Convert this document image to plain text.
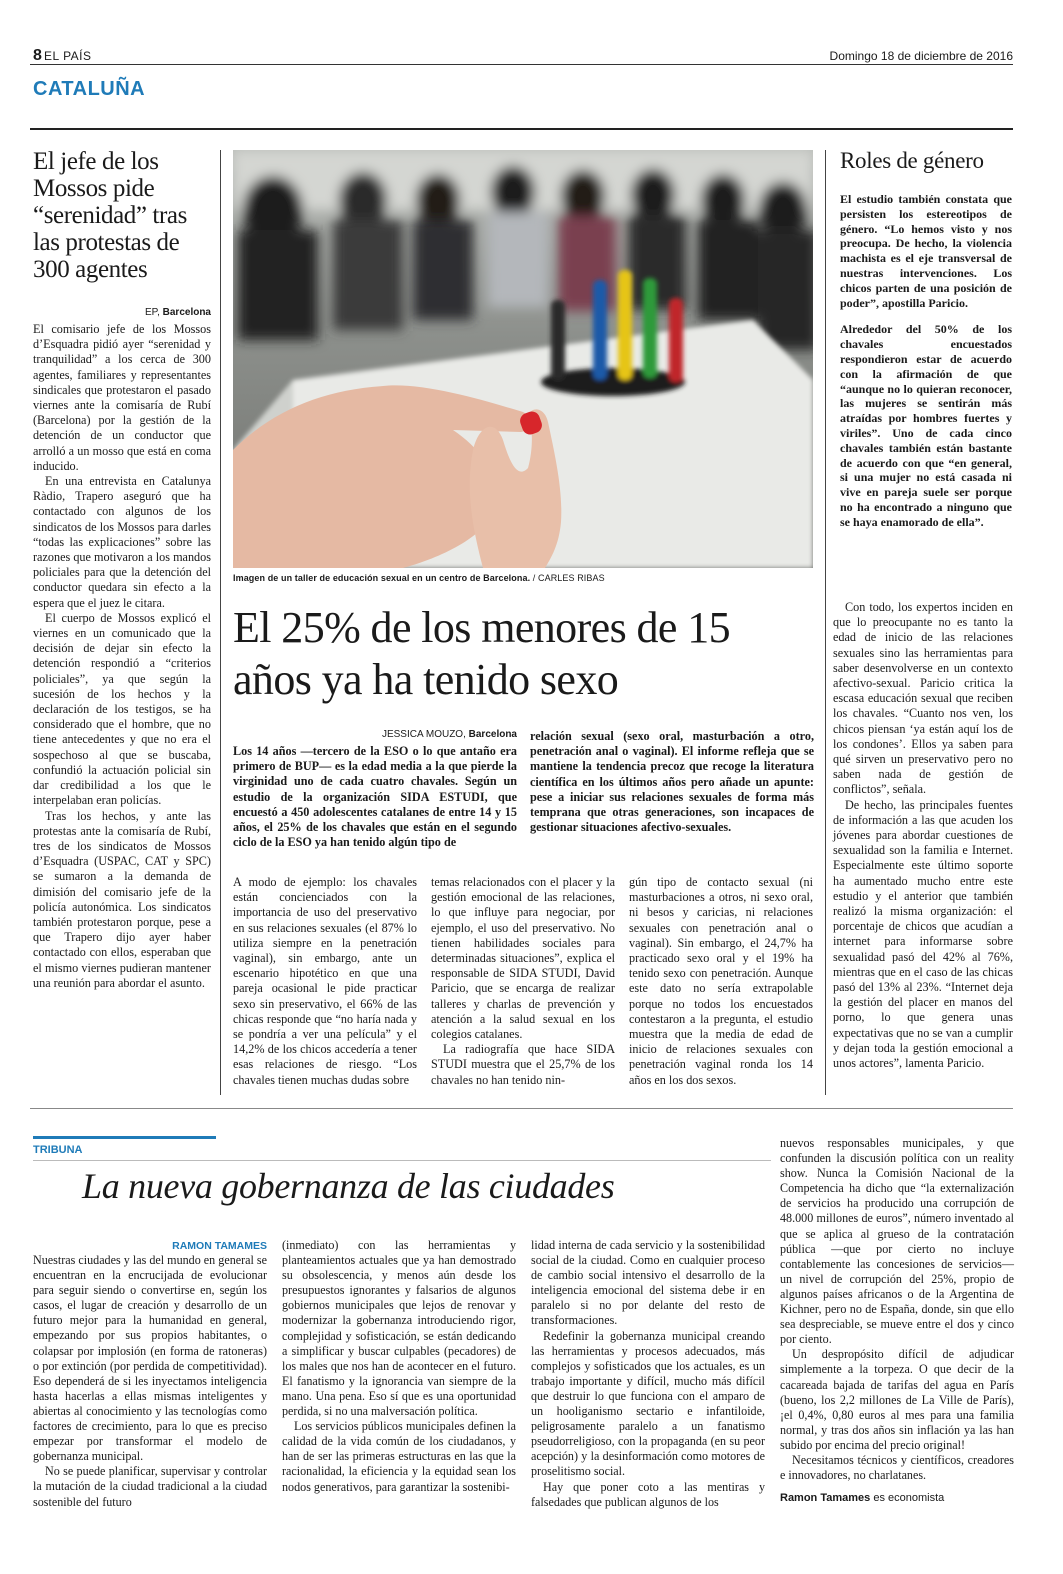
8 EL PAÍS	Domingo 18 de diciembre de 2016
CATALUÑA
El jefe de los Mossos pide “serenidad” tras las protestas de 300 agentes
EP, Barcelona

El comisario jefe de los Mossos d’Esquadra pidió ayer “serenidad y tranquilidad” a los cerca de 300 agentes, familiares y representantes sindicales que protestaron el pasado viernes ante la comisaría de Rubí (Barcelona) por la gestión de la detención de un conductor que arrolló a un mosso que está en coma inducido.

En una entrevista en Catalunya Ràdio, Trapero aseguró que ha contactado con algunos de los sindicatos de los Mossos para darles “todas las explicaciones” sobre las razones que motivaron a los mandos policiales para que la detención del conductor quedara sin efecto a la espera que el juez le citara.

El cuerpo de Mossos explicó el viernes en un comunicado que la decisión de dejar sin efecto la detención respondió a “criterios policiales”, ya que según la sucesión de los hechos y la declaración de los testigos, se ha considerado que el hombre, que no tiene antecedentes y que no era el sospechoso al que se buscaba, confundió la actuación policial sin dar credibilidad a los que le interpelaban eran policías.

Tras los hechos, y ante las protestas ante la comisaría de Rubí, tres de los sindicatos de Mossos d’Esquadra (USPAC, CAT y SPC) se sumaron a la demanda de dimisión del comisario jefe de la policía autonómica. Los sindicatos también protestaron porque, pese a que Trapero dijo ayer haber contactado con ellos, esperaban que el mismo viernes pudieran mantener una reunión para abordar el asunto.

Imagen de un taller de educación sexual en un centro de Barcelona. / CARLES RIBAS
El 25% de los menores de 15 años ya ha tenido sexo
JESSICA MOUZO, Barcelona

Los 14 años —tercero de la ESO o lo que antaño era primero de BUP— es la edad media a la que pierde la virginidad uno de cada cuatro chavales. Según un estudio de la organización SIDA ESTUDI, que encuestó a 450 adolescentes catalanes de entre 14 y 15 años, el 25% de los chavales que están en el segundo ciclo de la ESO ya han tenido algún tipo de

relación sexual (sexo oral, masturbación a otro, penetración anal o vaginal). El informe refleja que se mantiene la tendencia precoz que recoge la literatura científica en los últimos años pero añade un apunte: pese a iniciar sus relaciones sexuales de forma más temprana que otras generaciones, son incapaces de gestionar situaciones afectivo-sexuales.

A modo de ejemplo: los chavales están concienciados con la importancia de uso del preservativo en sus relaciones sexuales (el 87% lo utiliza siempre en la penetración vaginal), sin embargo, ante un escenario hipotético en que una pareja ocasional le pide practicar sexo sin preservativo, el 66% de las chicas responde que “no haría nada y se pondría a ver una película” y el 14,2% de los chicos accedería a tener esas relaciones de riesgo. “Los chavales tienen muchas dudas sobre

temas relacionados con el placer y la gestión emocional de las relaciones, lo que influye para negociar, por ejemplo, el uso del preservativo. No tienen habilidades sociales para determinadas situaciones”, explica el responsable de SIDA STUDI, David Paricio, que se encarga de realizar talleres y charlas de prevención y atención a la salud sexual en los colegios catalanes.

La radiografía que hace SIDA STUDI muestra que el 25,7% de los chavales no han tenido nin-

gún tipo de contacto sexual (ni masturbaciones a otros, ni sexo oral, ni besos y caricias, ni relaciones sexuales con penetración anal o vaginal). Sin embargo, el 24,7% ha practicado sexo oral y el 19% ha tenido sexo con penetración. Aunque este dato no sería extrapolable porque no todos los encuestados contestaron a la pregunta, el estudio muestra que la media de edad de inicio de relaciones sexuales con penetración vaginal ronda los 14 años en los dos sexos.

Roles de género

El estudio también constata que persisten los estereotipos de género. “Lo hemos visto y nos preocupa. De hecho, la violencia machista es el eje transversal de nuestras intervenciones. Los chicos parten de una posición de poder”, apostilla Paricio.

Alrededor del 50% de los chavales encuestados respondieron estar de acuerdo con la afirmación de que “aunque no lo quieran reconocer, las mujeres se sentirán más atraídas por hombres fuertes y viriles”. Uno de cada cinco chavales también están bastante de acuerdo con que “en general, si una mujer no está casada ni vive en pareja suele ser porque no ha encontrado a ninguno que se haya enamorado de ella”.

Con todo, los expertos inciden en que lo preocupante no es tanto la edad de inicio de las relaciones sexuales sino las herramientas para saber desenvolverse en un contexto afectivo-sexual. Paricio critica la escasa educación sexual que reciben los chavales. “Cuanto nos ven, los chicos piensan ‘ya están aquí los de los condones’. Ellos ya saben para qué sirven un preservativo pero no saben nada de gestión de conflictos”, señala.

De hecho, las principales fuentes de información a las que acuden los jóvenes para abordar cuestiones de sexualidad son la familia e Internet. Especialmente este último soporte ha aumentado mucho entre este estudio y el anterior que también realizó la misma organización: el porcentaje de chicos que acudían a internet para informarse sobre sexualidad pasó del 42% al 76%, mientras que en el caso de las chicas pasó del 13% al 23%. “Internet deja la gestión del placer en manos del porno, lo que genera unas expectativas que no se van a cumplir y dejan toda la gestión emocional a unos actores”, lamenta Paricio.

TRIBUNA
La nueva gobernanza de las ciudades
RAMON TAMAMES

Nuestras ciudades y las del mundo en general se encuentran en la encrucijada de evolucionar para seguir siendo o convertirse en, según los casos, el lugar de creación y desarrollo de un futuro mejor para la humanidad en general, empezando por sus propios habitantes, o colapsar por implosión (en forma de ratoneras) o por extinción (por perdida de competitividad). Eso dependerá de si les inyectamos inteligencia hasta hacerlas a ellas mismas inteligentes y abiertas al conocimiento y las tecnologías como factores de crecimiento, para lo que es preciso empezar por transformar el modelo de gobernanza municipal.

No se puede planificar, supervisar y controlar la mutación de la ciudad tradicional a la ciudad sostenible del futuro

(inmediato) con las herramientas y planteamientos actuales que ya han demostrado su obsolescencia, y menos aún desde los presupuestos ignorantes y falsarios de algunos gobiernos municipales que lejos de renovar y modernizar la gobernanza introduciendo rigor, complejidad y sofisticación, se están dedicando a simplificar y buscar culpables (pecadores) de los males que nos han de acontecer en el futuro. El fanatismo y la ignorancia van siempre de la mano. Una pena. Eso sí que es una oportunidad perdida, si no una malversación política.

Los servicios públicos municipales definen la calidad de la vida común de los ciudadanos, y han de ser las primeras estructuras en las que la racionalidad, la eficiencia y la equidad sean los nodos generativos, para garantizar la sostenibi-

lidad interna de cada servicio y la sostenibilidad social de la ciudad. Como en cualquier proceso de cambio social intensivo el desarrollo de la inteligencia emocional del sistema debe ir en paralelo si no por delante del resto de transformaciones.

Redefinir la gobernanza municipal creando las herramientas y procesos adecuados, más complejos y sofisticados que los actuales, es un trabajo importante y difícil, mucho más difícil que destruir lo que funciona con el amparo de un hooliganismo sectario e infantiloide, peligrosamente paralelo a un fanatismo pseudorreligioso, con la propaganda (en su peor acepción) y la desinformación como motores de proselitismo social.

Hay que poner coto a las mentiras y falsedades que publican algunos de los

nuevos responsables municipales, y que confunden la discusión política con un reality show. Nunca la Comisión Nacional de la Competencia ha dicho que “la externalización de servicios ha producido una corrupción de 48.000 millones de euros”, número inventado al que se aplica al grueso de la contratación pública —que por cierto no incluye contablemente las concesiones de servicios— un nivel de corrupción del 25%, propio de algunos países africanos o de la Argentina de Kichner, pero no de España, donde, sin que ello sea despreciable, se mueve entre el dos y cinco por ciento.

Un despropósito difícil de adjudicar simplemente a la torpeza. O que decir de la cacareada bajada de tarifas del agua en París (bueno, los 2,2 millones de La Ville de París), ¡el 0,4%, 0,80 euros al mes para una familia normal, y tras dos años sin inflación ya las han subido por encima del precio original!

Necesitamos técnicos y científicos, creadores e innovadores, no charlatanes.

Ramon Tamames es economista
